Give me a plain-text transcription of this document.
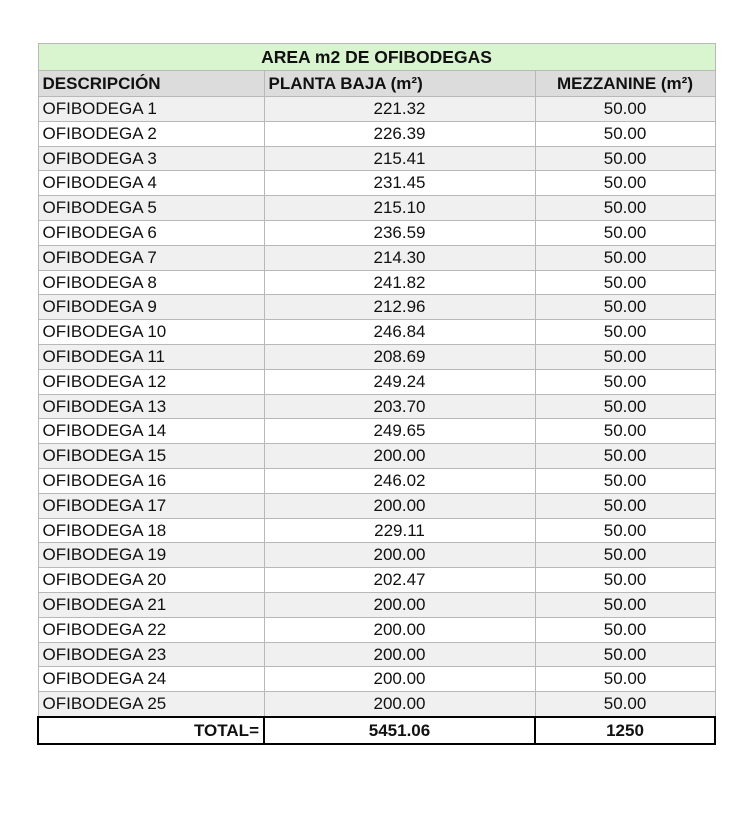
AREA m2 DE OFIBODEGAS		
DESCRIPCIÓN	PLANTA BAJA (m²)	MEZZANINE (m²)
OFIBODEGA 1	221.32	50.00
OFIBODEGA 2	226.39	50.00
OFIBODEGA 3	215.41	50.00
OFIBODEGA 4	231.45	50.00
OFIBODEGA 5	215.10	50.00
OFIBODEGA 6	236.59	50.00
OFIBODEGA 7	214.30	50.00
OFIBODEGA 8	241.82	50.00
OFIBODEGA 9	212.96	50.00
OFIBODEGA 10	246.84	50.00
OFIBODEGA 11	208.69	50.00
OFIBODEGA 12	249.24	50.00
OFIBODEGA 13	203.70	50.00
OFIBODEGA 14	249.65	50.00
OFIBODEGA 15	200.00	50.00
OFIBODEGA 16	246.02	50.00
OFIBODEGA 17	200.00	50.00
OFIBODEGA 18	229.11	50.00
OFIBODEGA 19	200.00	50.00
OFIBODEGA 20	202.47	50.00
OFIBODEGA 21	200.00	50.00
OFIBODEGA 22	200.00	50.00
OFIBODEGA 23	200.00	50.00
OFIBODEGA 24	200.00	50.00
OFIBODEGA 25	200.00	50.00
TOTAL=	5451.06	1250
